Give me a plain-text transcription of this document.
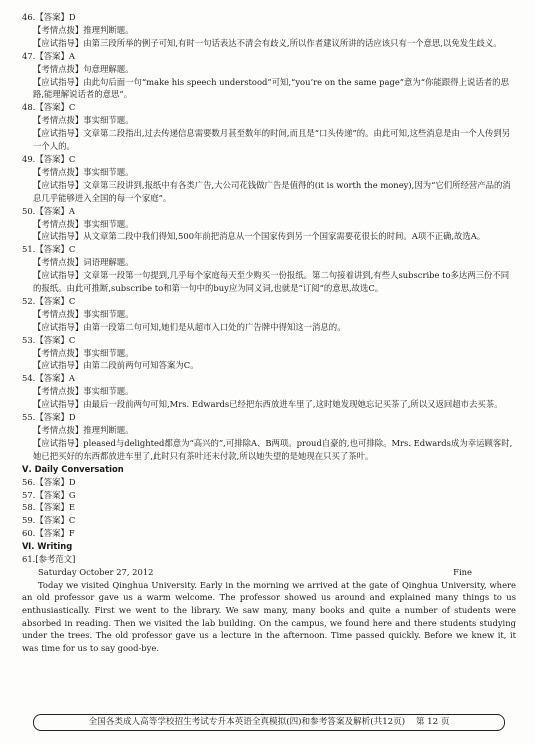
46.【答案】D
【考情点拨】推理判断题。
【应试指导】由第三段所举的例子可知,有时一句话表达不清会有歧义,所以作者建议所讲的话应该只有一个意思,以免发生歧义。
47.【答案】A
【考情点拨】句意理解题。
【应试指导】由此句后面一句“make his speech understood”可知,“you’re on the same page”意为“你能跟得上说话者的思路,能理解说话者的意思”。
48.【答案】C
【考情点拨】事实细节题。
【应试指导】文章第二段指出,过去传递信息需要数月甚至数年的时间,而且是“口头传递”的。由此可知,这些消息是由一个人传到另一个人的。
49.【答案】C
【考情点拨】事实细节题。
【应试指导】文章第三段讲到,报纸中有各类广告,大公司花钱做广告是值得的(it is worth the money),因为“它们所经营产品的消息几乎能够进入全国的每一个家庭”。
50.【答案】A
【考情点拨】事实细节题。
【应试指导】从文章第二段中我们得知,500年前把消息从一个国家传到另一个国家需要花很长的时间。A项不正确,故选A。
51.【答案】C
【考情点拨】词语理解题。
【应试指导】文章第一段第一句提到,几乎每个家庭每天至少购买一份报纸。第二句接着讲到,有些人subscribe to多达两三份不同的报纸。由此可推断,subscribe to和第一句中的buy应为同义词,也就是“订阅”的意思,故选C。
52.【答案】C
【考情点拨】事实细节题。
【应试指导】由第一段第二句可知,她们是从超市入口处的广告牌中得知这一消息的。
53.【答案】C
【考情点拨】事实细节题。
【应试指导】由第二段前两句可知答案为C。
54.【答案】A
【考情点拨】事实细节题。
【应试指导】由最后一段前两句可知,Mrs. Edwards已经把东西放进车里了,这时她发现她忘记买茶了,所以又返回超市去买茶。
55.【答案】D
【考情点拨】推理判断题。
【应试指导】pleased与delighted都意为“高兴的”,可排除A、B两项。proud自豪的,也可排除。Mrs. Edwards成为幸运顾客时,她已把买好的东西都放进车里了,此时只有茶叶还未付款,所以她失望的是她现在只买了茶叶。
Ⅴ. Daily Conversation
56.【答案】D
57.【答案】G
58.【答案】E
59.【答案】C
60.【答案】F
Ⅵ. Writing
61.[参考范文]
Saturday October 27, 2012	Fine
Today we visited Qinghua University. Early in the morning we arrived at the gate of Qinghua University, where an old professor gave us a warm welcome. The professor showed us around and explained many things to us enthusiastically. First we went to the library. We saw many, many books and quite a number of students were absorbed in reading. Then we visited the lab building. On the campus, we found here and there students studying under the trees. The old professor gave us a lecture in the afternoon. Time passed quickly. Before we knew it, it was time for us to say good-bye.
全国各类成人高等学校招生考试专升本英语全真模拟(四)和参考答案及解析(共12页) 第 12 页
